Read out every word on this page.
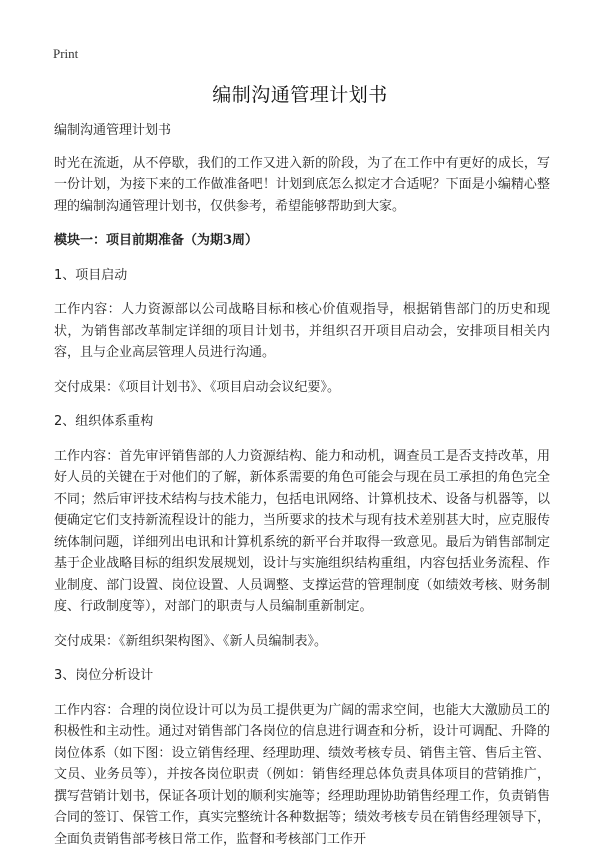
Print
编制沟通管理计划书

编制沟通管理计划书

时光在流逝，从不停歇，我们的工作又进入新的阶段，为了在工作中有更好的成长，写一份计划，为接下来的工作做准备吧！计划到底怎么拟定才合适呢？下面是小编精心整理的编制沟通管理计划书，仅供参考，希望能够帮助到大家。

模块一：项目前期准备（为期3周）

1、项目启动

工作内容：人力资源部以公司战略目标和核心价值观指导，根据销售部门的历史和现状，为销售部改革制定详细的项目计划书，并组织召开项目启动会，安排项目相关内容，且与企业高层管理人员进行沟通。

交付成果：《项目计划书》、《项目启动会议纪要》。

2、组织体系重构

工作内容：首先审评销售部的人力资源结构、能力和动机，调查员工是否支持改革，用好人员的关键在于对他们的了解，新体系需要的角色可能会与现在员工承担的角色完全不同；然后审评技术结构与技术能力，包括电讯网络、计算机技术、设备与机器等，以便确定它们支持新流程设计的能力，当所要求的技术与现有技术差别甚大时，应克服传统体制问题，详细列出电讯和计算机系统的新平台并取得一致意见。最后为销售部制定基于企业战略目标的组织发展规划，设计与实施组织结构重组，内容包括业务流程、作业制度、部门设置、岗位设置、人员调整、支撑运营的管理制度（如绩效考核、财务制度、行政制度等），对部门的职责与人员编制重新制定。

交付成果：《新组织架构图》、《新人员编制表》。

3、岗位分析设计

工作内容：合理的岗位设计可以为员工提供更为广阔的需求空间，也能大大激励员工的积极性和主动性。通过对销售部门各岗位的信息进行调查和分析，设计可调配、升降的岗位体系（如下图：设立销售经理、经理助理、绩效考核专员、销售主管、售后主管、文员、业务员等），并按各岗位职责（例如：销售经理总体负责具体项目的营销推广，撰写营销计划书，保证各项计划的顺利实施等；经理助理协助销售经理工作，负责销售合同的签订、保管工作，真实完整统计各种数据等；绩效考核专员在销售经理领导下，全面负责销售部考核日常工作，监督和考核部门工作开
